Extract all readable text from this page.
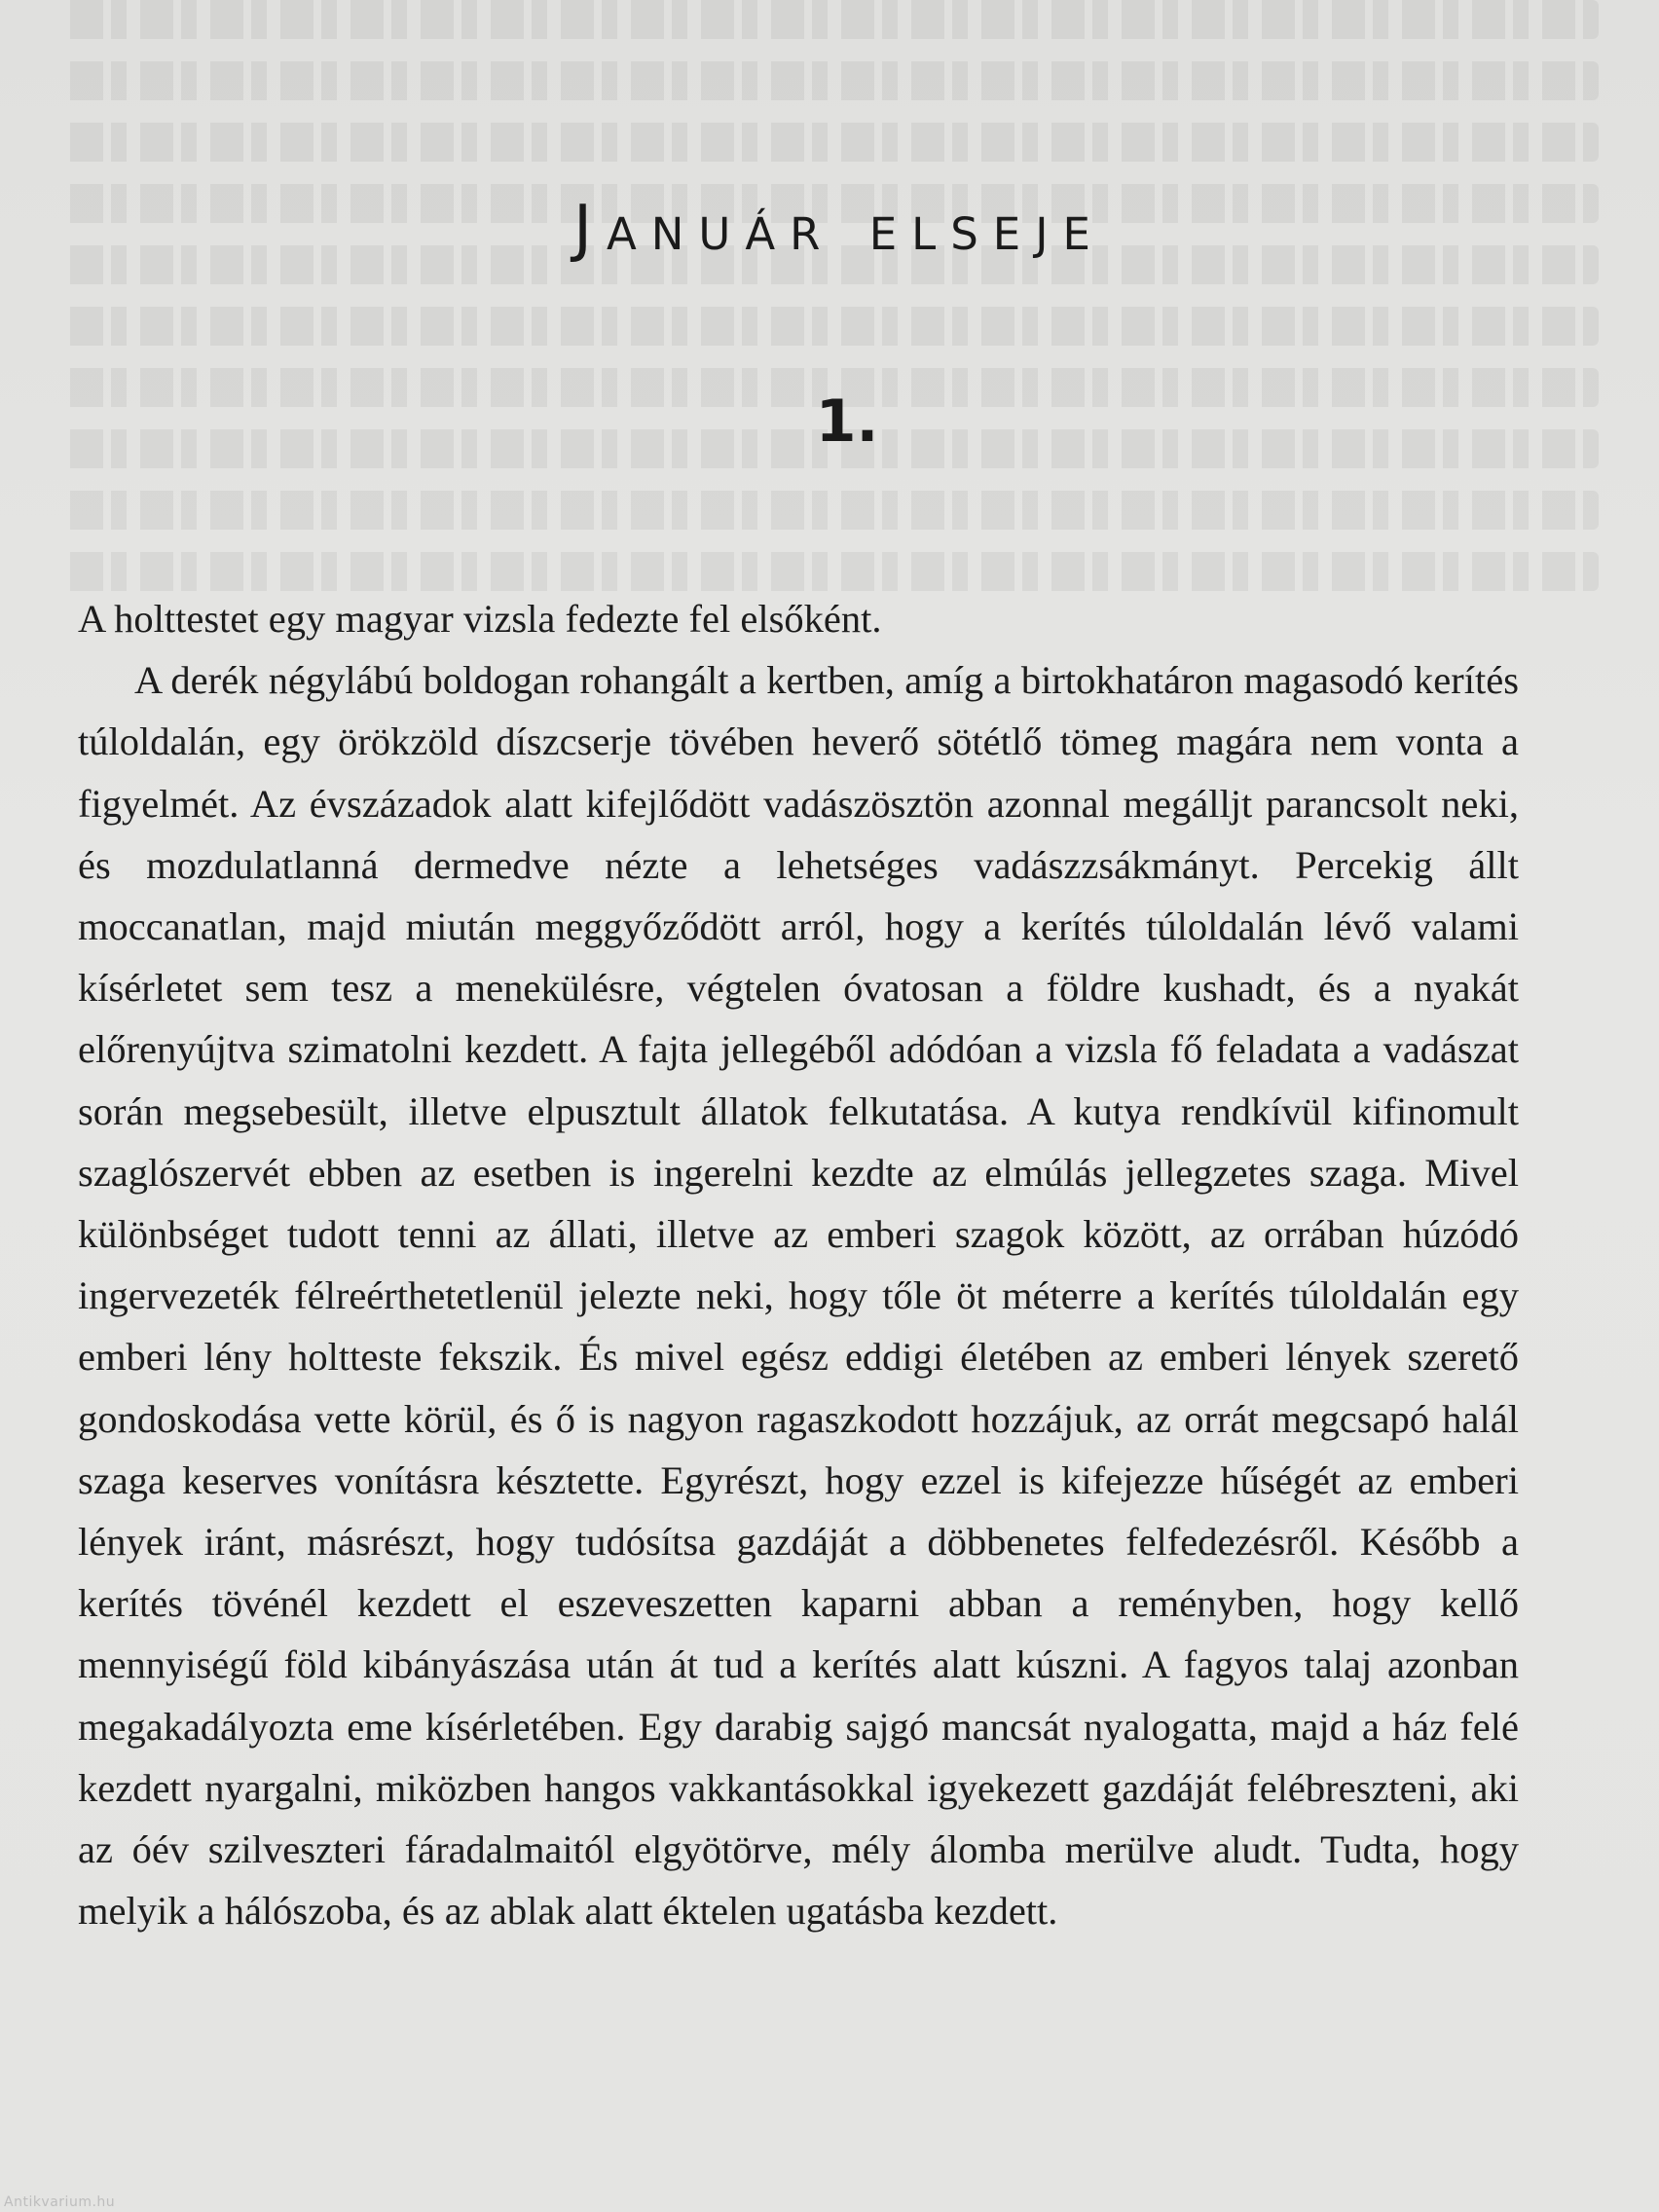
Január elseje
1.

A holttestet egy magyar vizsla fedezte fel elsőként.

A derék négylábú boldogan rohangált a kertben, amíg a birtokhatáron magasodó kerítés túloldalán, egy örökzöld díszcserje tövében heverő sötétlő tömeg magára nem vonta a figyelmét. Az évszázadok alatt kifejlődött vadászösztön azonnal megálljt parancsolt neki, és mozdulatlanná dermedve nézte a lehetséges vadászzsákmányt. Percekig állt moccanatlan, majd miután meggyőződött arról, hogy a kerítés túloldalán lévő valami kísérletet sem tesz a menekülésre, végtelen óvatosan a földre kushadt, és a nyakát előrenyújtva szimatolni kezdett. A fajta jellegéből adódóan a vizsla fő feladata a vadászat során megsebesült, illetve elpusztult állatok felkutatása. A kutya rendkívül kifinomult szaglószervét ebben az esetben is ingerelni kezdte az elmúlás jellegzetes szaga. Mivel különbséget tudott tenni az állati, illetve az emberi szagok között, az orrában húzódó ingervezeték félreérthetetlenül jelezte neki, hogy tőle öt méterre a kerítés túloldalán egy emberi lény holtteste fekszik. És mivel egész eddigi életében az emberi lények szerető gondoskodása vette körül, és ő is nagyon ragaszkodott hozzájuk, az orrát megcsapó halál szaga keserves vonításra késztette. Egyrészt, hogy ezzel is kifejezze hűségét az emberi lények iránt, másrészt, hogy tudósítsa gazdáját a döbbenetes felfedezésről. Később a kerítés tövénél kezdett el eszeveszetten kaparni abban a reményben, hogy kellő mennyiségű föld kibányászása után át tud a kerítés alatt kúszni. A fagyos talaj azonban megakadályozta eme kísérletében. Egy darabig sajgó mancsát nyalogatta, majd a ház felé kezdett nyargalni, miközben hangos vakkantásokkal igyekezett gazdáját felébreszteni, aki az óév szilveszteri fáradalmaitól elgyötörve, mély álomba merülve aludt. Tudta, hogy melyik a hálószoba, és az ablak alatt éktelen ugatásba kezdett.

Antikvarium.hu
